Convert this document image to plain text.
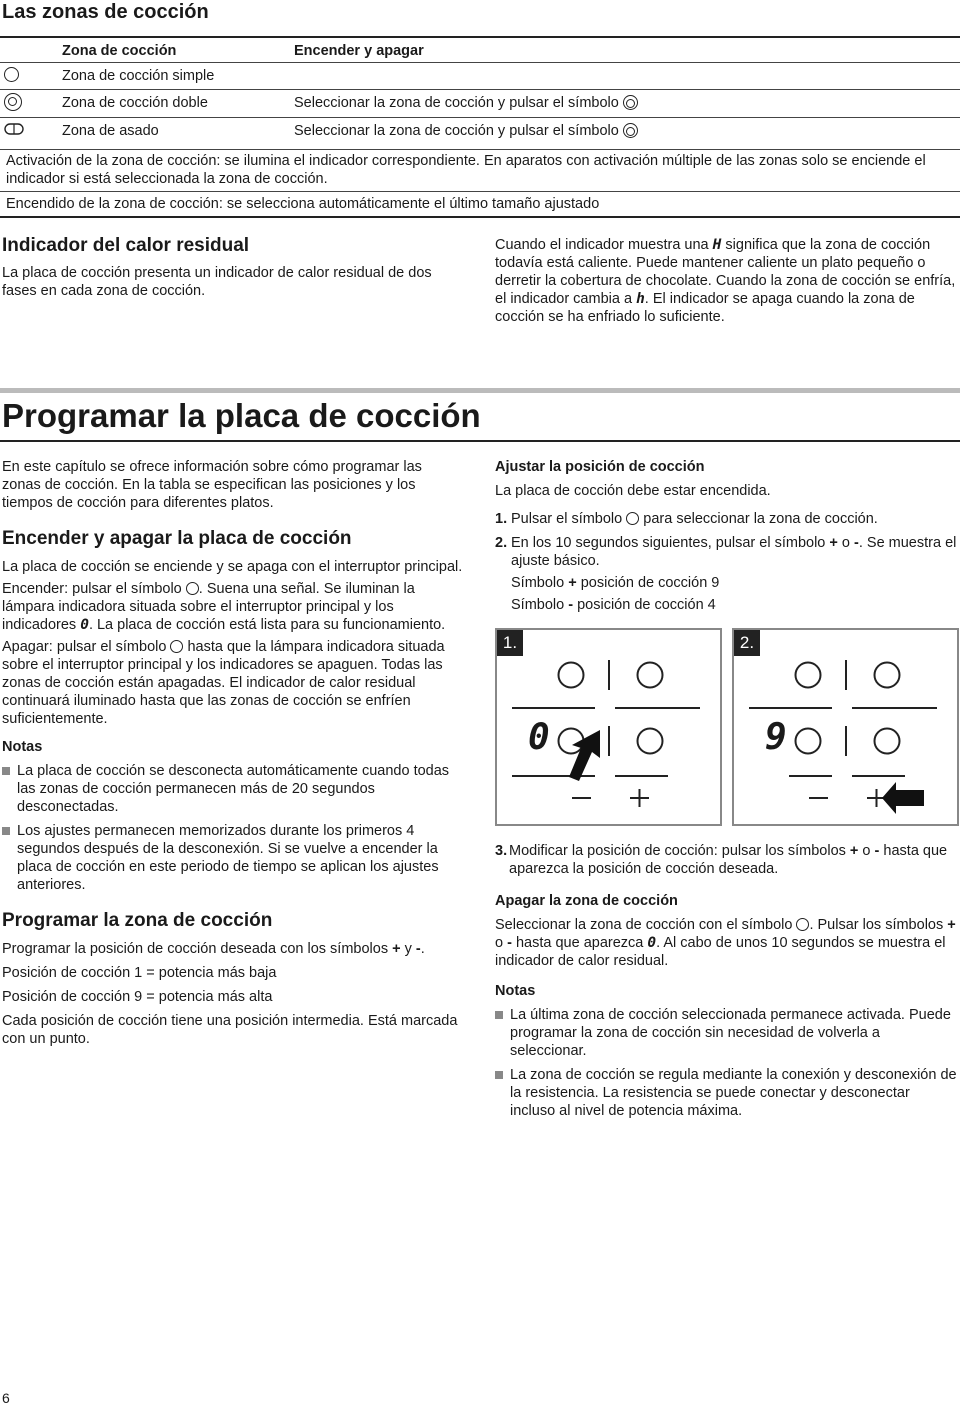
Las zonas de cocción
	Zona de cocción	Encender y apagar
	Zona de cocción simple	
	Zona de cocción doble	Seleccionar la zona de cocción y pulsar el símbolo
	Zona de asado	Seleccionar la zona de cocción y pulsar el símbolo
Activación de la zona de cocción: se ilumina el indicador correspondiente. En aparatos con activación múltiple de las zonas solo se enciende el indicador si está seleccionada la zona de cocción.
Encendido de la zona de cocción: se selecciona automáticamente el último tamaño ajustado
Indicador del calor residual
La placa de cocción presenta un indicador de calor residual de dos fases en cada zona de cocción.
Cuando el indicador muestra una H significa que la zona de cocción todavía está caliente. Puede mantener caliente un plato pequeño o derretir la cobertura de chocolate. Cuando la zona de cocción se enfría, el indicador cambia a h. El indicador se apaga cuando la zona de cocción se ha enfriado lo suficiente.
Programar la placa de cocción

En este capítulo se ofrece información sobre cómo programar las zonas de cocción. En la tabla se especifican las posiciones y los tiempos de cocción para diferentes platos.

Encender y apagar la placa de cocción

La placa de cocción se enciende y se apaga con el interruptor principal.

Encender: pulsar el símbolo . Suena una señal. Se iluminan la lámpara indicadora situada sobre el interruptor principal y los indicadores 0. La placa de cocción está lista para su funcionamiento.

Apagar: pulsar el símbolo hasta que la lámpara indicadora situada sobre el interruptor principal y los indicadores se apaguen. Todas las zonas de cocción están apagadas. El indicador de calor residual continuará iluminado hasta que las zonas de cocción se enfríen suficientemente.

Notas
La placa de cocción se desconecta automáticamente cuando todas las zonas de cocción permanecen más de 20 segundos desconectadas.
Los ajustes permanecen memorizados durante los primeros 4 segundos después de la desconexión. Si se vuelve a encender la placa de cocción en este periodo de tiempo se aplican los ajustes anteriores.
Programar la zona de cocción

Programar la posición de cocción deseada con los símbolos + y -.

Posición de cocción 1 = potencia más baja

Posición de cocción 9 = potencia más alta

Cada posición de cocción tiene una posición intermedia. Está marcada con un punto.

Ajustar la posición de cocción

La placa de cocción debe estar encendida.

1. Pulsar el símbolo para seleccionar la zona de cocción.
2. En los 10 segundos siguientes, pulsar el símbolo + o -. Se muestra el ajuste básico.
Símbolo + posición de cocción 9
Símbolo - posición de cocción 4
1.
0
2.
9
3. Modificar la posición de cocción: pulsar los símbolos + o - hasta que aparezca la posición de cocción deseada.
Apagar la zona de cocción

Seleccionar la zona de cocción con el símbolo . Pulsar los símbolos + o - hasta que aparezca 0. Al cabo de unos 10 segundos se muestra el indicador de calor residual.

Notas
La última zona de cocción seleccionada permanece activada. Puede programar la zona de cocción sin necesidad de volverla a seleccionar.
La zona de cocción se regula mediante la conexión y desconexión de la resistencia. La resistencia se puede conectar y desconectar incluso al nivel de potencia máxima.
6
